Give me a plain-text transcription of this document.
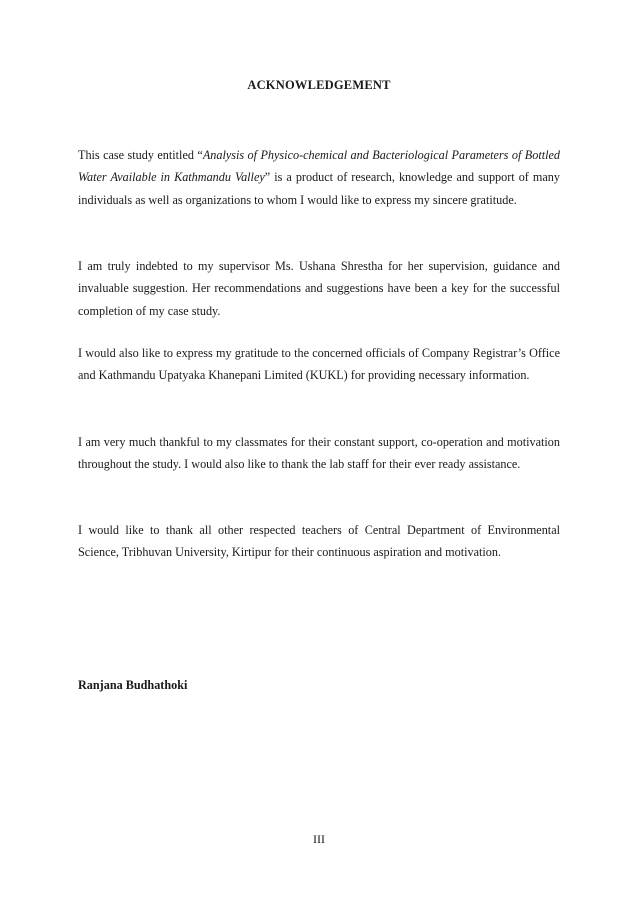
ACKNOWLEDGEMENT

This case study entitled “Analysis of Physico-chemical and Bacteriological Parameters of Bottled Water Available in Kathmandu Valley” is a product of research, knowledge and support of many individuals as well as organizations to whom I would like to express my sincere gratitude.

I am truly indebted to my supervisor Ms. Ushana Shrestha for her supervision, guidance and invaluable suggestion. Her recommendations and suggestions have been a key for the successful completion of my case study.

I would also like to express my gratitude to the concerned officials of Company Registrar’s Office and Kathmandu Upatyaka Khanepani Limited (KUKL) for providing necessary information.

I am very much thankful to my classmates for their constant support, co-operation and motivation throughout the study. I would also like to thank the lab staff for their ever ready assistance.

I would like to thank all other respected teachers of Central Department of Environmental Science, Tribhuvan University, Kirtipur for their continuous aspiration and motivation.

Ranjana Budhathoki

III
